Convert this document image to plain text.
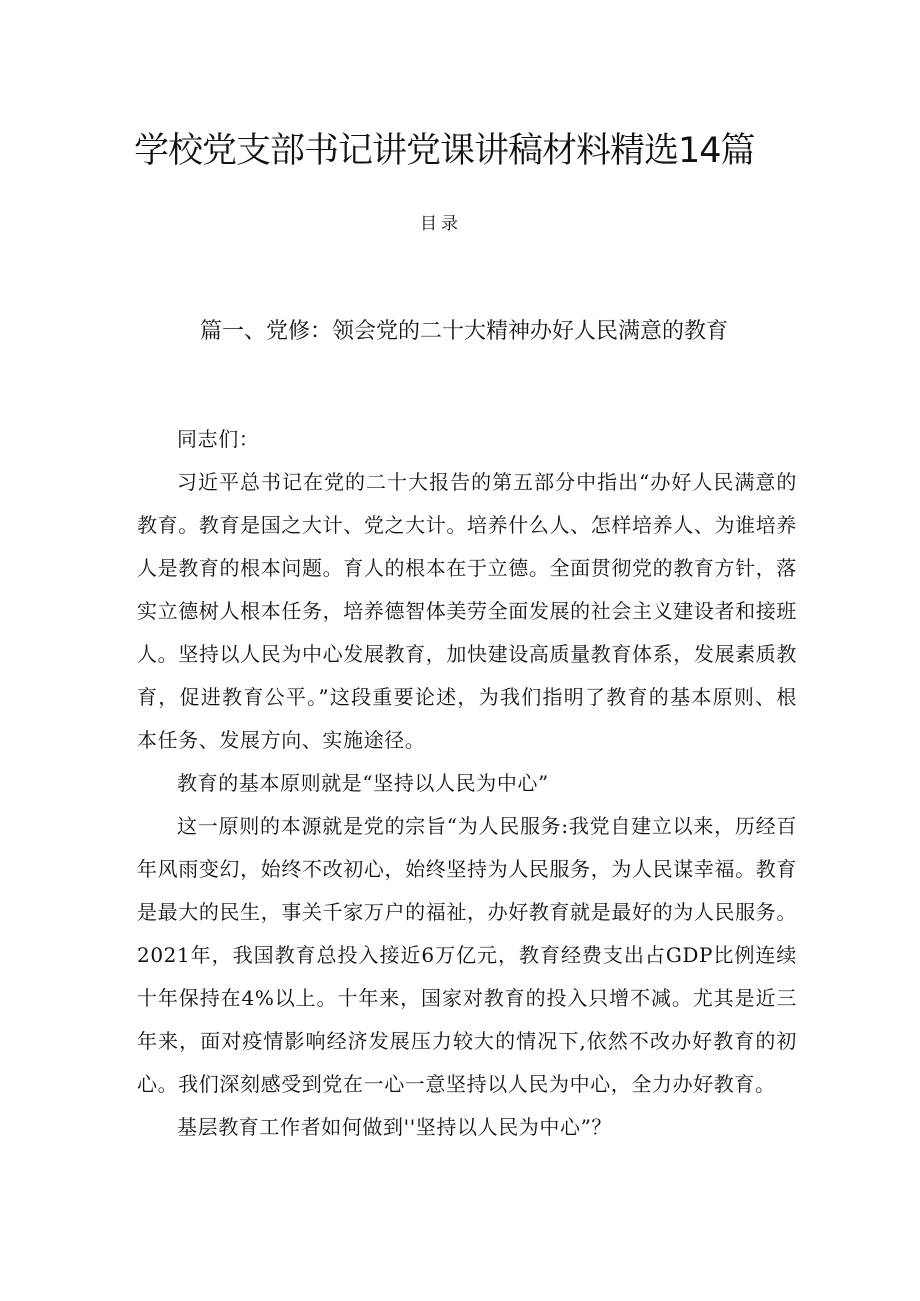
学校党支部书记讲党课讲稿材料精选14篇
目录
篇一、党修：领会党的二十大精神办好人民满意的教育

同志们：

习近平总书记在党的二十大报告的第五部分中指出“办好人民满意的教育。教育是国之大计、党之大计。培养什么人、怎样培养人、为谁培养人是教育的根本问题。育人的根本在于立德。全面贯彻党的教育方针，落实立德树人根本任务，培养德智体美劳全面发展的社会主义建设者和接班人。坚持以人民为中心发展教育，加快建设高质量教育体系，发展素质教育，促进教育公平。”这段重要论述，为我们指明了教育的基本原则、根本任务、发展方向、实施途径。

教育的基本原则就是“坚持以人民为中心”

这一原则的本源就是党的宗旨“为人民服务:我党自建立以来，历经百年风雨变幻，始终不改初心，始终坚持为人民服务，为人民谋幸福。教育是最大的民生，事关千家万户的福祉，办好教育就是最好的为人民服务。2021年，我国教育总投入接近6万亿元，教育经费支出占GDP比例连续十年保持在4%以上。十年来，国家对教育的投入只增不减。尤其是近三年来，面对疫情影响经济发展压力较大的情况下,依然不改办好教育的初心。我们深刻感受到党在一心一意坚持以人民为中心，全力办好教育。

基层教育工作者如何做到''坚持以人民为中心”？
